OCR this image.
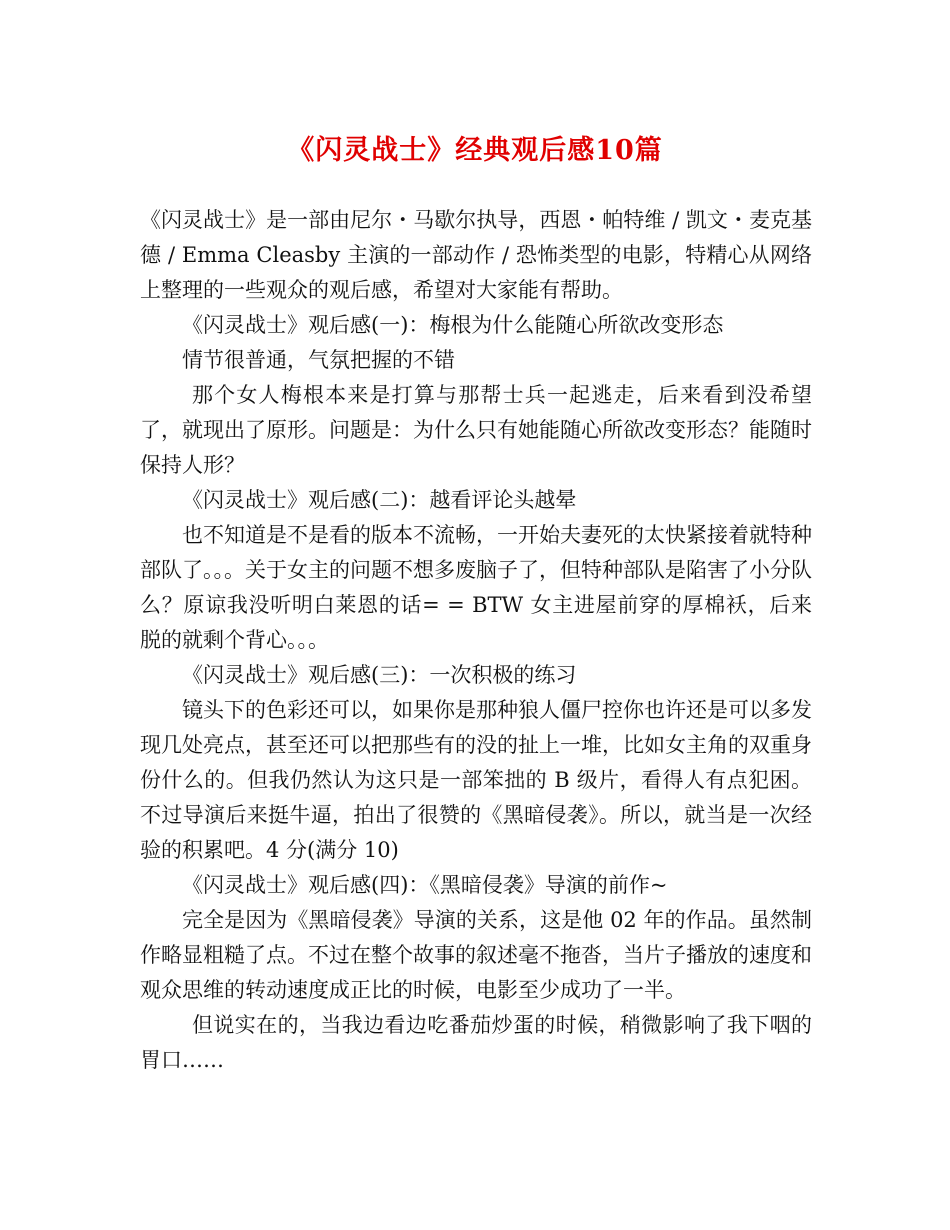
《闪灵战士》经典观后感10篇

《闪灵战士》是一部由尼尔・马歇尔执导，西恩・帕特维 / 凯文・麦克基德 / Emma Cleasby 主演的一部动作 / 恐怖类型的电影，特精心从网络上整理的一些观众的观后感，希望对大家能有帮助。

《闪灵战士》观后感(一)：梅根为什么能随心所欲改变形态

情节很普通，气氛把握的不错

那个女人梅根本来是打算与那帮士兵一起逃走，后来看到没希望了，就现出了原形。问题是：为什么只有她能随心所欲改变形态？能随时保持人形？

《闪灵战士》观后感(二)：越看评论头越晕

也不知道是不是看的版本不流畅，一开始夫妻死的太快紧接着就特种部队了。。。关于女主的问题不想多废脑子了，但特种部队是陷害了小分队么？原谅我没听明白莱恩的话= = BTW 女主进屋前穿的厚棉袄，后来脱的就剩个背心。。。

《闪灵战士》观后感(三)：一次积极的练习

镜头下的色彩还可以，如果你是那种狼人僵尸控你也许还是可以多发现几处亮点，甚至还可以把那些有的没的扯上一堆，比如女主角的双重身份什么的。但我仍然认为这只是一部笨拙的 B 级片，看得人有点犯困。不过导演后来挺牛逼，拍出了很赞的《黑暗侵袭》。所以，就当是一次经验的积累吧。4 分(满分 10)

《闪灵战士》观后感(四)：《黑暗侵袭》导演的前作~

完全是因为《黑暗侵袭》导演的关系，这是他 02 年的作品。虽然制作略显粗糙了点。不过在整个故事的叙述毫不拖沓，当片子播放的速度和观众思维的转动速度成正比的时候，电影至少成功了一半。

但说实在的，当我边看边吃番茄炒蛋的时候，稍微影响了我下咽的胃口……
